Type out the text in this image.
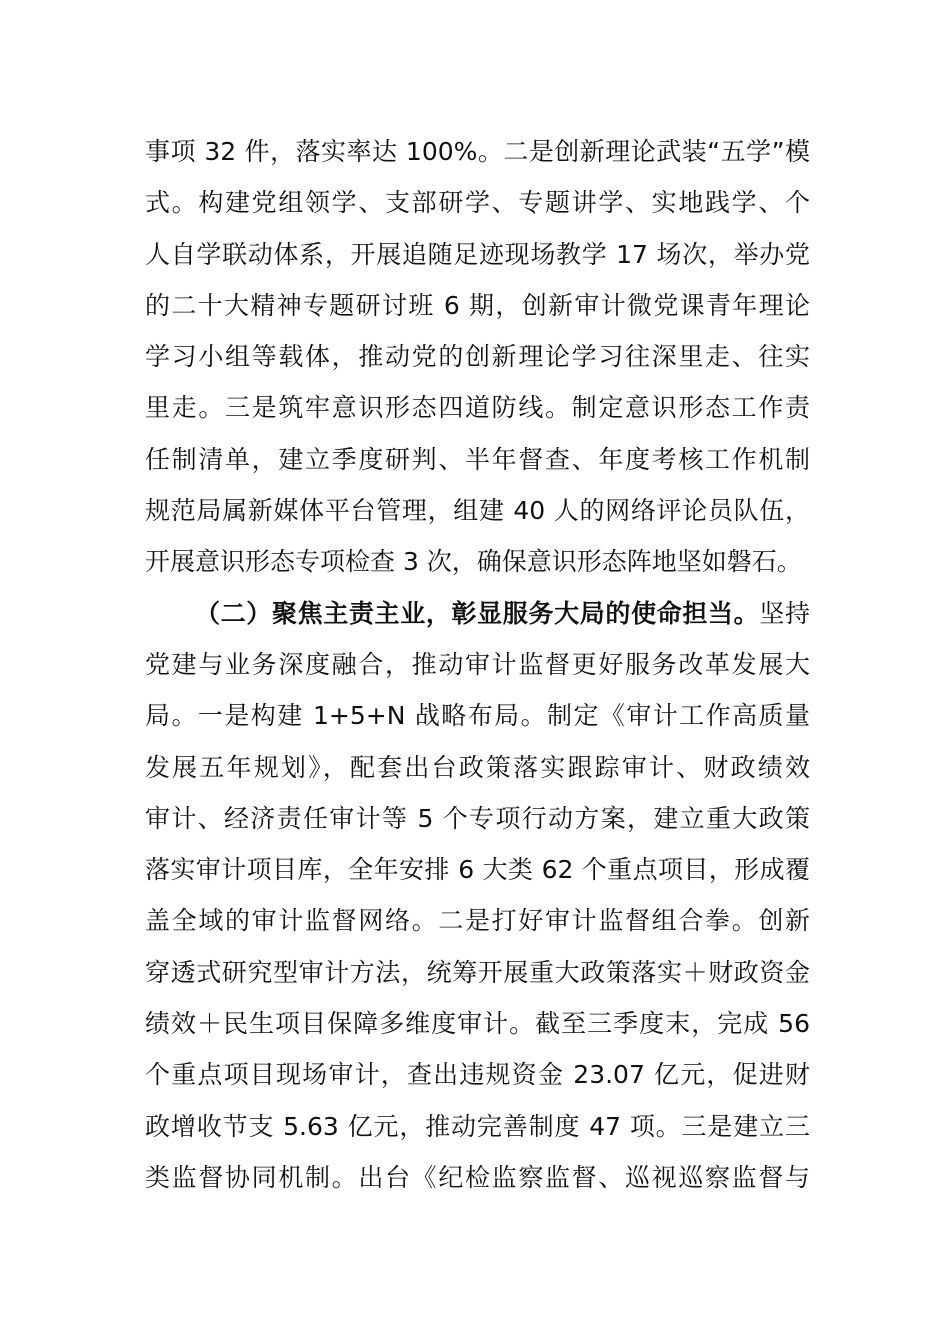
事项 32 件，落实率达 100%。二是创新理论武装“五学”模
式。构建党组领学、支部研学、专题讲学、实地践学、个
人自学联动体系，开展追随足迹现场教学 17 场次，举办党
的二十大精神专题研讨班 6 期，创新审计微党课青年理论
学习小组等载体，推动党的创新理论学习往深里走、往实
里走。三是筑牢意识形态四道防线。制定意识形态工作责
任制清单，建立季度研判、半年督查、年度考核工作机制
规范局属新媒体平台管理，组建 40 人的网络评论员队伍，
开展意识形态专项检查 3 次，确保意识形态阵地坚如磐石。
（二）聚焦主责主业，彰显服务大局的使命担当。坚持
党建与业务深度融合，推动审计监督更好服务改革发展大
局。一是构建 1+5+N 战略布局。制定《审计工作高质量
发展五年规划》，配套出台政策落实跟踪审计、财政绩效
审计、经济责任审计等 5 个专项行动方案，建立重大政策
落实审计项目库，全年安排 6 大类 62 个重点项目，形成覆
盖全域的审计监督网络。二是打好审计监督组合拳。创新
穿透式研究型审计方法，统筹开展重大政策落实＋财政资金
绩效＋民生项目保障多维度审计。截至三季度末，完成 56
个重点项目现场审计，查出违规资金 23.07 亿元，促进财
政增收节支 5.63 亿元，推动完善制度 47 项。三是建立三
类监督协同机制。出台《纪检监察监督、巡视巡察监督与
